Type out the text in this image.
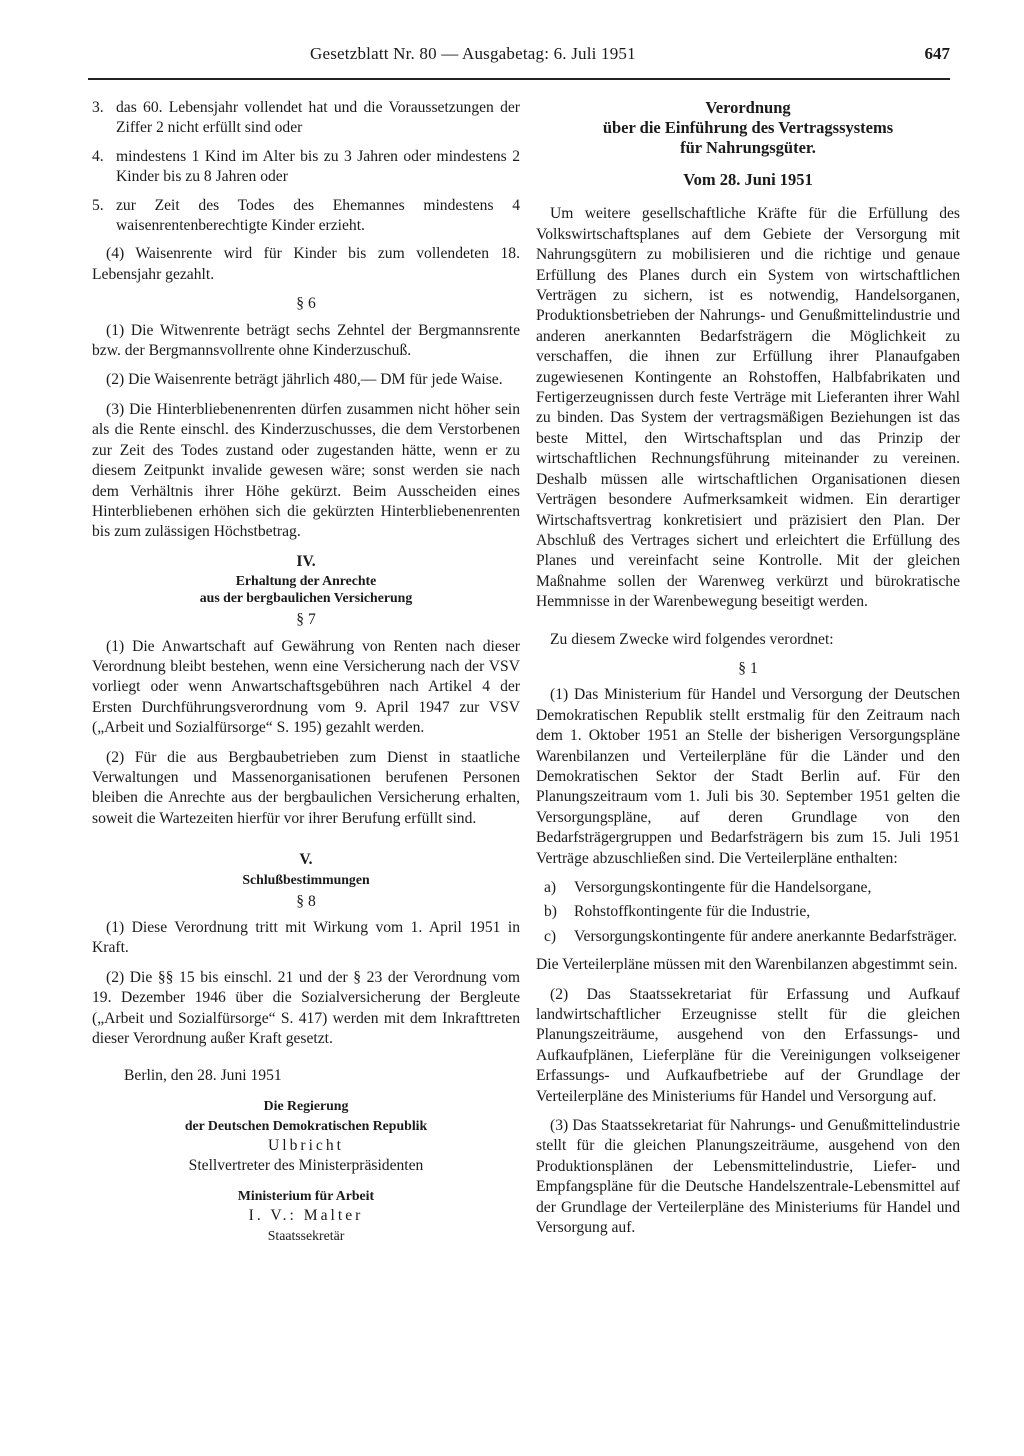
Gesetzblatt Nr. 80 — Ausgabetag: 6. Juli 1951	647
3. das 60. Lebensjahr vollendet hat und die Voraussetzungen der Ziffer 2 nicht erfüllt sind oder
4. mindestens 1 Kind im Alter bis zu 3 Jahren oder mindestens 2 Kinder bis zu 8 Jahren oder
5. zur Zeit des Todes des Ehemannes mindestens 4 waisenrentenberechtigte Kinder erzieht.

(4) Waisenrente wird für Kinder bis zum vollendeten 18. Lebensjahr gezahlt.

§ 6

(1) Die Witwenrente beträgt sechs Zehntel der Bergmannsrente bzw. der Bergmannsvollrente ohne Kinderzuschuß.

(2) Die Waisenrente beträgt jährlich 480,— DM für jede Waise.

(3) Die Hinterbliebenenrenten dürfen zusammen nicht höher sein als die Rente einschl. des Kinderzuschusses, die dem Verstorbenen zur Zeit des Todes zustand oder zugestanden hätte, wenn er zu diesem Zeitpunkt invalide gewesen wäre; sonst werden sie nach dem Verhältnis ihrer Höhe gekürzt. Beim Ausscheiden eines Hinterbliebenen erhöhen sich die gekürzten Hinterbliebenenrenten bis zum zulässigen Höchstbetrag.

IV.
Erhaltung der Anrechte
aus der bergbaulichen Versicherung
§ 7

(1) Die Anwartschaft auf Gewährung von Renten nach dieser Verordnung bleibt bestehen, wenn eine Versicherung nach der VSV vorliegt oder wenn Anwartschaftsgebühren nach Artikel 4 der Ersten Durchführungsverordnung vom 9. April 1947 zur VSV („Arbeit und Sozialfürsorge“ S. 195) gezahlt werden.

(2) Für die aus Bergbaubetrieben zum Dienst in staatliche Verwaltungen und Massenorganisationen berufenen Personen bleiben die Anrechte aus der bergbaulichen Versicherung erhalten, soweit die Wartezeiten hierfür vor ihrer Berufung erfüllt sind.

V.
Schlußbestimmungen
§ 8

(1) Diese Verordnung tritt mit Wirkung vom 1. April 1951 in Kraft.

(2) Die §§ 15 bis einschl. 21 und der § 23 der Verordnung vom 19. Dezember 1946 über die Sozialversicherung der Bergleute („Arbeit und Sozialfürsorge“ S. 417) werden mit dem Inkrafttreten dieser Verordnung außer Kraft gesetzt.

Berlin, den 28. Juni 1951

Die Regierung
der Deutschen Demokratischen Republik
Ulbricht
Stellvertreter des Ministerpräsidenten
Ministerium für Arbeit
I. V.: Malter
Staatssekretär
Verordnung
über die Einführung des Vertragssystems
für Nahrungsgüter.
Vom 28. Juni 1951

Um weitere gesellschaftliche Kräfte für die Erfüllung des Volkswirtschaftsplanes auf dem Gebiete der Versorgung mit Nahrungsgütern zu mobilisieren und die richtige und genaue Erfüllung des Planes durch ein System von wirtschaftlichen Verträgen zu sichern, ist es notwendig, Handelsorganen, Produktionsbetrieben der Nahrungs- und Genußmittelindustrie und anderen anerkannten Bedarfsträgern die Möglichkeit zu verschaffen, die ihnen zur Erfüllung ihrer Planaufgaben zugewiesenen Kontingente an Rohstoffen, Halbfabrikaten und Fertigerzeugnissen durch feste Verträge mit Lieferanten ihrer Wahl zu binden. Das System der vertragsmäßigen Beziehungen ist das beste Mittel, den Wirtschaftsplan und das Prinzip der wirtschaftlichen Rechnungsführung miteinander zu vereinen. Deshalb müssen alle wirtschaftlichen Organisationen diesen Verträgen besondere Aufmerksamkeit widmen. Ein derartiger Wirtschaftsvertrag konkretisiert und präzisiert den Plan. Der Abschluß des Vertrages sichert und erleichtert die Erfüllung des Planes und vereinfacht seine Kontrolle. Mit der gleichen Maßnahme sollen der Warenweg verkürzt und bürokratische Hemmnisse in der Warenbewegung beseitigt werden.

Zu diesem Zwecke wird folgendes verordnet:

§ 1

(1) Das Ministerium für Handel und Versorgung der Deutschen Demokratischen Republik stellt erstmalig für den Zeitraum nach dem 1. Oktober 1951 an Stelle der bisherigen Versorgungspläne Warenbilanzen und Verteilerpläne für die Länder und den Demokratischen Sektor der Stadt Berlin auf. Für den Planungszeitraum vom 1. Juli bis 30. September 1951 gelten die Versorgungspläne, auf deren Grundlage von den Bedarfsträgergruppen und Bedarfsträgern bis zum 15. Juli 1951 Verträge abzuschließen sind. Die Verteilerpläne enthalten:

a)	Versorgungskontingente für die Handelsorgane,
b)	Rohstoffkontingente für die Industrie,
c)	Versorgungskontingente für andere anerkannte Bedarfsträger.

Die Verteilerpläne müssen mit den Warenbilanzen abgestimmt sein.

(2) Das Staatssekretariat für Erfassung und Aufkauf landwirtschaftlicher Erzeugnisse stellt für die gleichen Planungszeiträume, ausgehend von den Erfassungs- und Aufkaufplänen, Lieferpläne für die Vereinigungen volkseigener Erfassungs- und Aufkaufbetriebe auf der Grundlage der Verteilerpläne des Ministeriums für Handel und Versorgung auf.

(3) Das Staatssekretariat für Nahrungs- und Genußmittelindustrie stellt für die gleichen Planungszeiträume, ausgehend von den Produktionsplänen der Lebensmittelindustrie, Liefer- und Empfangspläne für die Deutsche Handelszentrale-Lebensmittel auf der Grundlage der Verteilerpläne des Ministeriums für Handel und Versorgung auf.
